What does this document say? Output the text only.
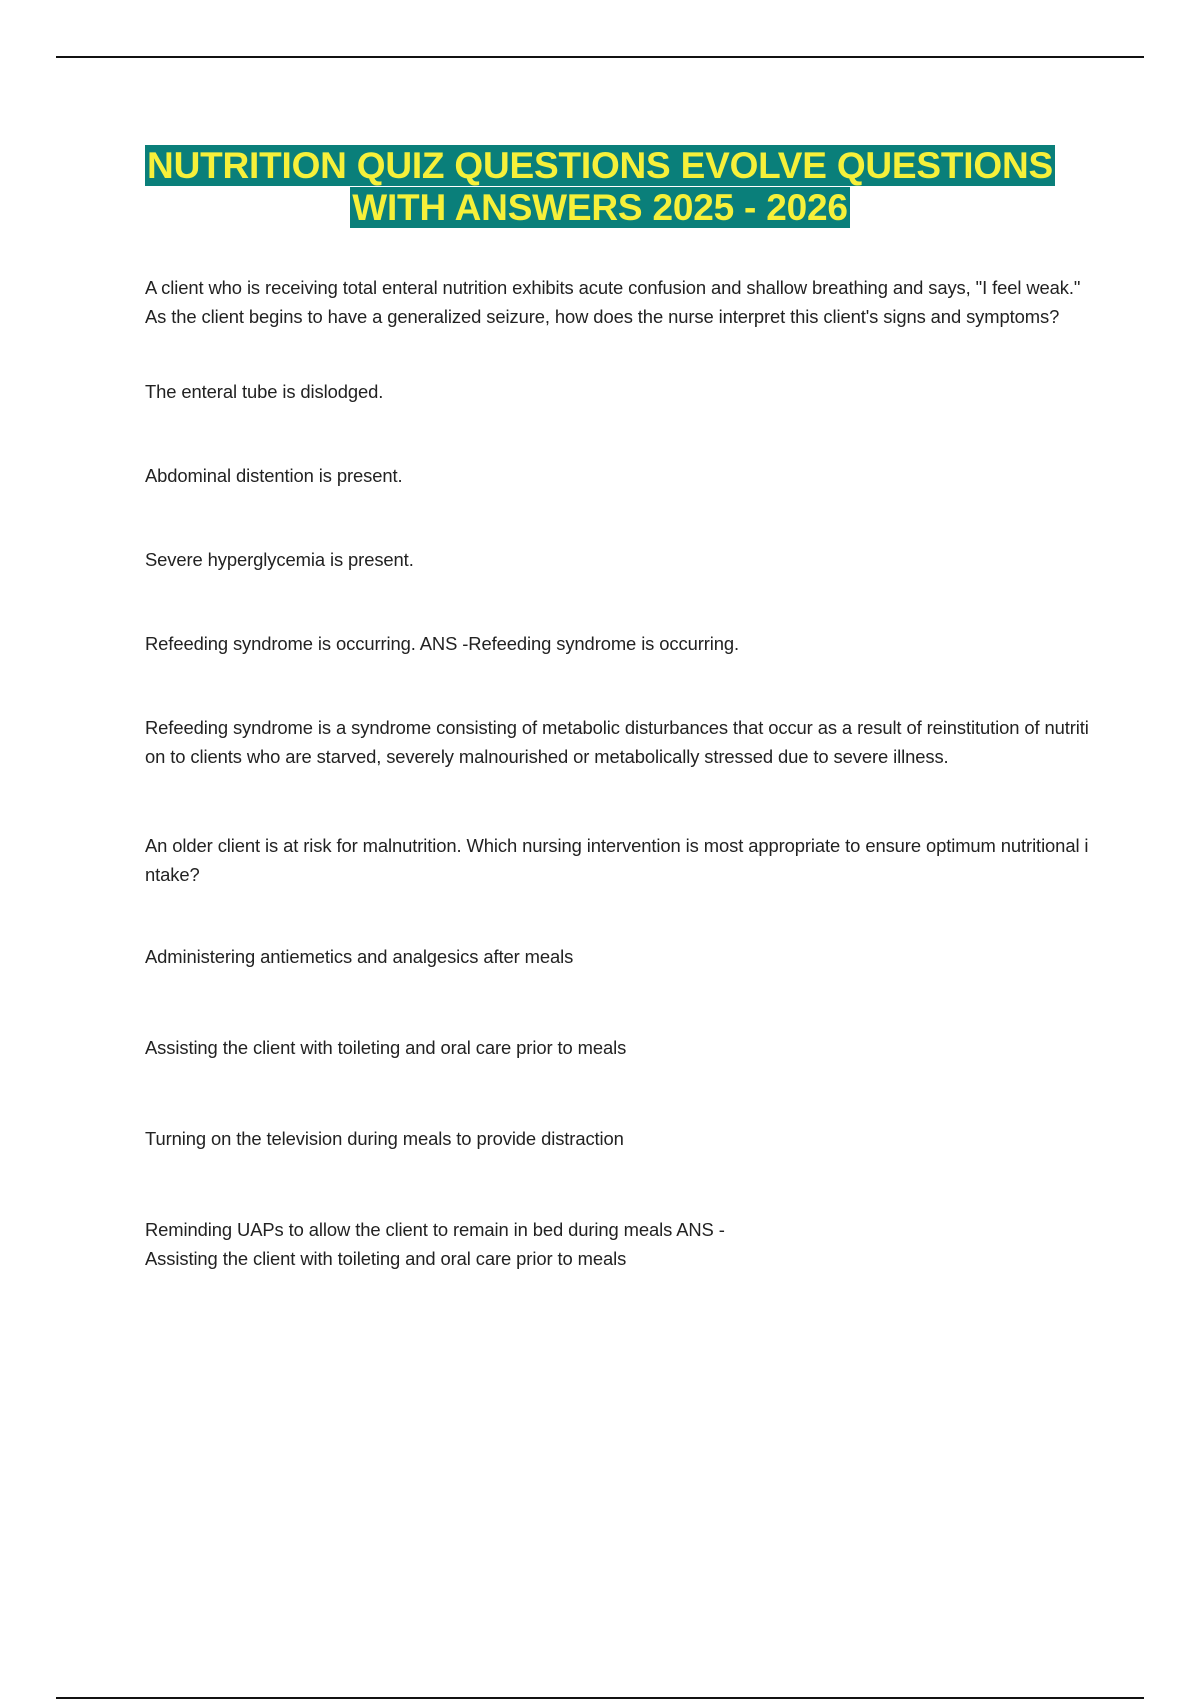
NUTRITION QUIZ QUESTIONS EVOLVE QUESTIONS
WITH ANSWERS 2025 - 2026

A client who is receiving total enteral nutrition exhibits acute confusion and shallow breathing and says, "I feel weak." As the client begins to have a generalized seizure, how does the nurse interpret this client's signs and symptoms?

The enteral tube is dislodged.

Abdominal distention is present.

Severe hyperglycemia is present.

Refeeding syndrome is occurring. ANS -Refeeding syndrome is occurring.

Refeeding syndrome is a syndrome consisting of metabolic disturbances that occur as a result of reinstitution of nutrition to clients who are starved, severely malnourished or metabolically stressed due to severe illness.

An older client is at risk for malnutrition. Which nursing intervention is most appropriate to ensure optimum nutritional intake?

Administering antiemetics and analgesics after meals

Assisting the client with toileting and oral care prior to meals

Turning on the television during meals to provide distraction

Reminding UAPs to allow the client to remain in bed during meals ANS -

Assisting the client with toileting and oral care prior to meals
